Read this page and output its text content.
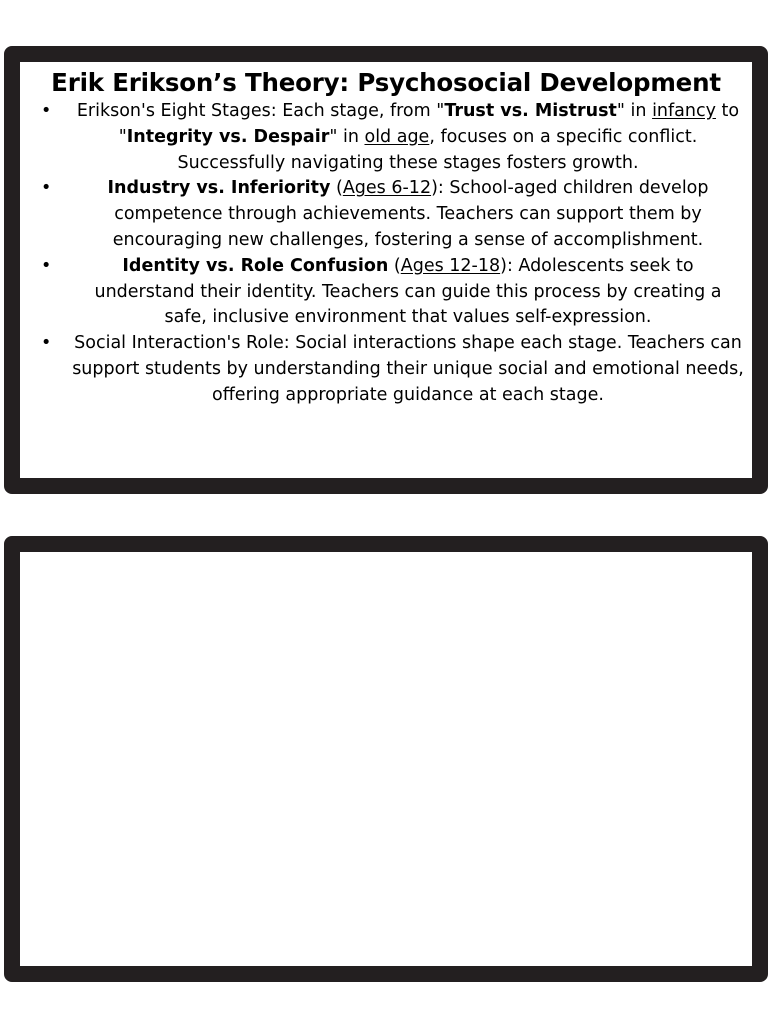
Erik Erikson’s Theory: Psychosocial Development
• Erikson's Eight Stages: Each stage, from "Trust vs. Mistrust" in infancy to "Integrity vs. Despair" in old age, focuses on a specific conflict. Successfully navigating these stages fosters growth.
•	Industry vs. Inferiority (Ages 6-12): School-aged children develop competence through achievements. Teachers can support them by encouraging new challenges, fostering a sense of accomplishment.
•	Identity vs. Role Confusion (Ages 12-18): Adolescents seek to understand their identity. Teachers can guide this process by creating a safe, inclusive environment that values self-expression.
• Social Interaction's Role: Social interactions shape each stage. Teachers can support students by understanding their unique social and emotional needs, offering appropriate guidance at each stage.
